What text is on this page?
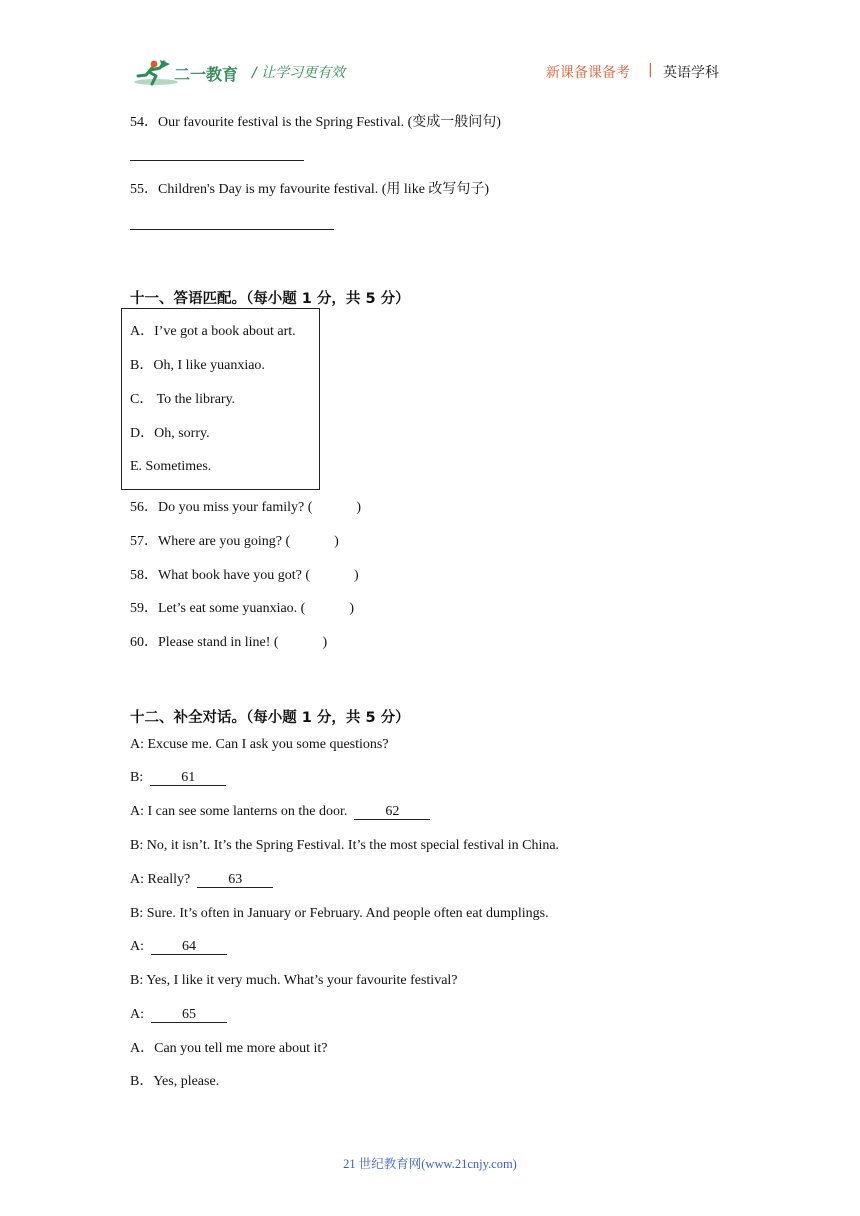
二一教育 / 让学习更有效	新课备课备考 | 英语学科
54．Our favourite festival is the Spring Festival. (变成一般问句)
55．Children's Day is my favourite festival. (用 like 改写句子)
十一、答语匹配。（每小题 1 分，共 5 分）
A．I’ve got a book about art.
B．Oh, I like yuanxiao.
C． To the library.
D．Oh, sorry.
E. Sometimes.
56．Do you miss your family? (	)
57．Where are you going? (	)
58．What book have you got? (	)
59．Let’s eat some yuanxiao. (	)
60．Please stand in line! (	)
十二、补全对话。（每小题 1 分，共 5 分）
A: Excuse me. Can I ask you some questions?
B:	61
A: I can see some lanterns on the door.	62
B: No, it isn’t. It’s the Spring Festival. It’s the most special festival in China.
A: Really?	63
B: Sure. It’s often in January or February. And people often eat dumplings.
A:	64
B: Yes, I like it very much. What’s your favourite festival?
A:	65
A．Can you tell me more about it?
B．Yes, please.
21 世纪教育网(www.21cnjy.com)
